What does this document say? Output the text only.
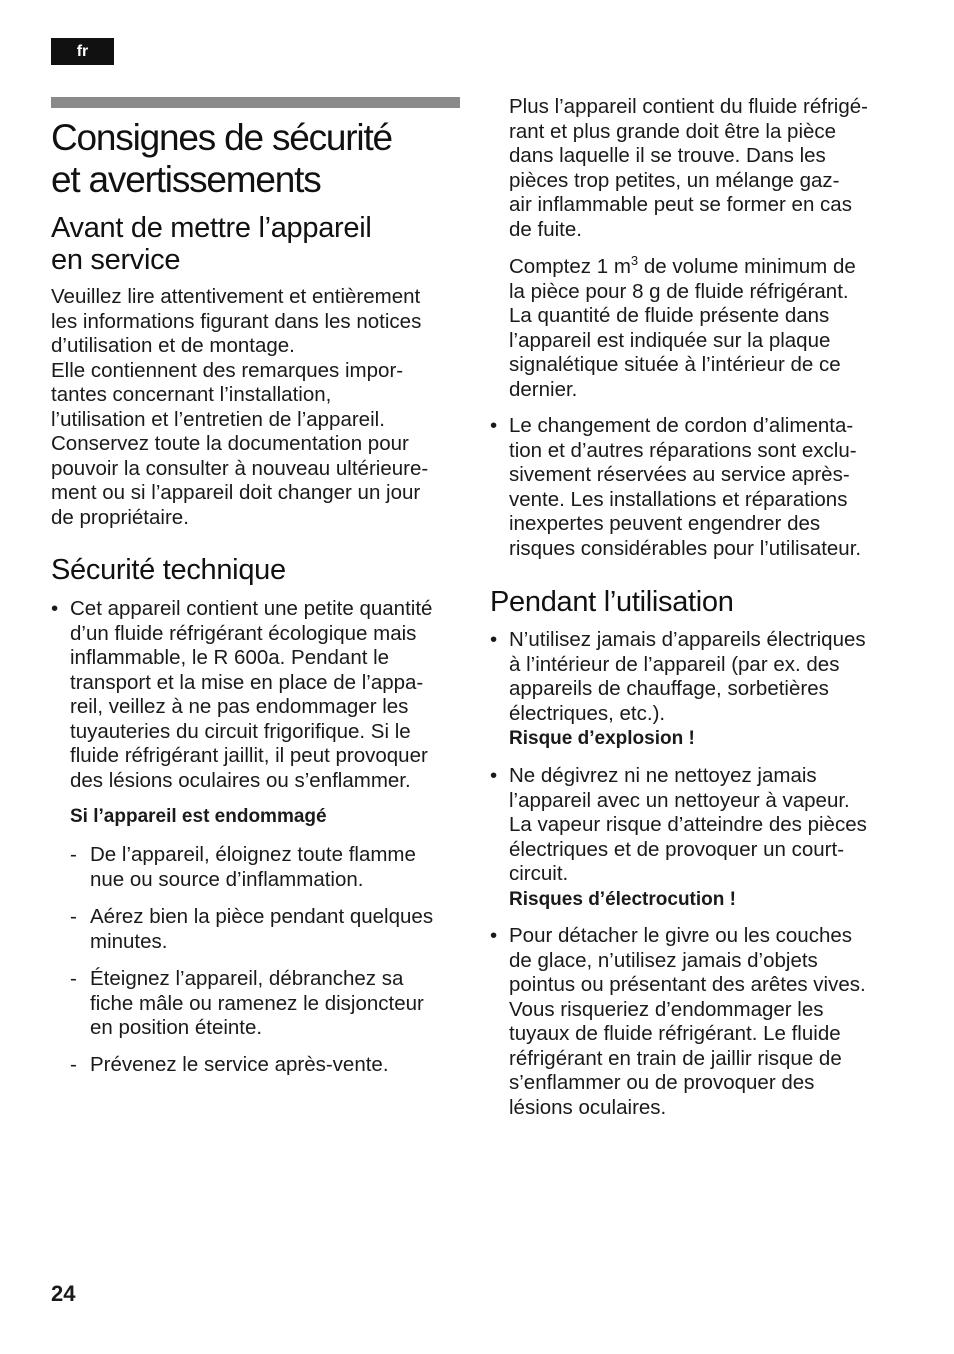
fr
Consignes de sécurité
et avertissements
Avant de mettre l’appareil
en service

Veuillez lire attentivement et entièrement
les informations figurant dans les notices
d’utilisation et de montage.
Elle contiennent des remarques impor-
tantes concernant l’installation,
l’utilisation et l’entretien de l’appareil.
Conservez toute la documentation pour
pouvoir la consulter à nouveau ultérieure-
ment ou si l’appareil doit changer un jour
de propriétaire.

Sécurité technique
• Cet appareil contient une petite quantité
d’un fluide réfrigérant écologique mais
inflammable, le R 600a. Pendant le
transport et la mise en place de l’appa-
reil, veillez à ne pas endommager les
tuyauteries du circuit frigorifique. Si le
fluide réfrigérant jaillit, il peut provoquer
des lésions oculaires ou s’enflammer.
Si l’appareil est endommagé
- De l’appareil, éloignez toute flamme
nue ou source d’inflammation.
- Aérez bien la pièce pendant quelques
minutes.
- Éteignez l’appareil, débranchez sa
fiche mâle ou ramenez le disjoncteur
en position éteinte.
- Prévenez le service après-vente.

Plus l’appareil contient du fluide réfrigé-
rant et plus grande doit être la pièce
dans laquelle il se trouve. Dans les
pièces trop petites, un mélange gaz-
air inflammable peut se former en cas
de fuite.

Comptez 1 $m^3$ de volume minimum de
la pièce pour 8 g de fluide réfrigérant.
La quantité de fluide présente dans
l’appareil est indiquée sur la plaque
signalétique située à l’intérieur de ce
dernier.

• Le changement de cordon d’alimenta-
tion et d’autres réparations sont exclu-
sivement réservées au service après-
vente. Les installations et réparations
inexpertes peuvent engendrer des
risques considérables pour l’utilisateur.
Pendant l’utilisation
• N’utilisez jamais d’appareils électriques
à l’intérieur de l’appareil (par ex. des
appareils de chauffage, sorbetières
électriques, etc.).
Risque d’explosion !
• Ne dégivrez ni ne nettoyez jamais
l’appareil avec un nettoyeur à vapeur.
La vapeur risque d’atteindre des pièces
électriques et de provoquer un court-
circuit.
Risques d’électrocution !
• Pour détacher le givre ou les couches
de glace, n’utilisez jamais d’objets
pointus ou présentant des arêtes vives.
Vous risqueriez d’endommager les
tuyaux de fluide réfrigérant. Le fluide
réfrigérant en train de jaillir risque de
s’enflammer ou de provoquer des
lésions oculaires.
24
